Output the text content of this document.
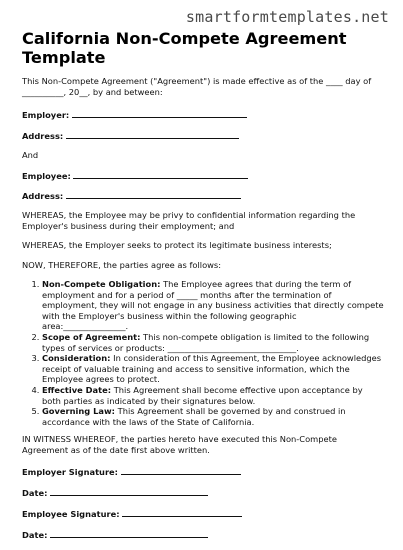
smartformtemplates.net
California Non-Compete Agreement Template

This Non-Compete Agreement ("Agreement") is made effective as of the ____ day of __________, 20__, by and between:

Employer:

Address:

And

Employee:

Address:

WHEREAS, the Employee may be privy to confidential information regarding the Employer's business during their employment; and

WHEREAS, the Employer seeks to protect its legitimate business interests;

NOW, THEREFORE, the parties agree as follows:

1. Non-Compete Obligation: The Employee agrees that during the term of employment and for a period of _____ months after the termination of employment, they will not engage in any business activities that directly compete with the Employer's business within the following geographic area:_______________.
2. Scope of Agreement: This non-compete obligation is limited to the following types of services or products: _______________________________.
3. Consideration: In consideration of this Agreement, the Employee acknowledges receipt of valuable training and access to sensitive information, which the Employee agrees to protect.
4. Effective Date: This Agreement shall become effective upon acceptance by both parties as indicated by their signatures below.
5. Governing Law: This Agreement shall be governed by and construed in accordance with the laws of the State of California.

IN WITNESS WHEREOF, the parties hereto have executed this Non-Compete Agreement as of the date first above written.

Employer Signature:

Date:

Employee Signature:

Date:
